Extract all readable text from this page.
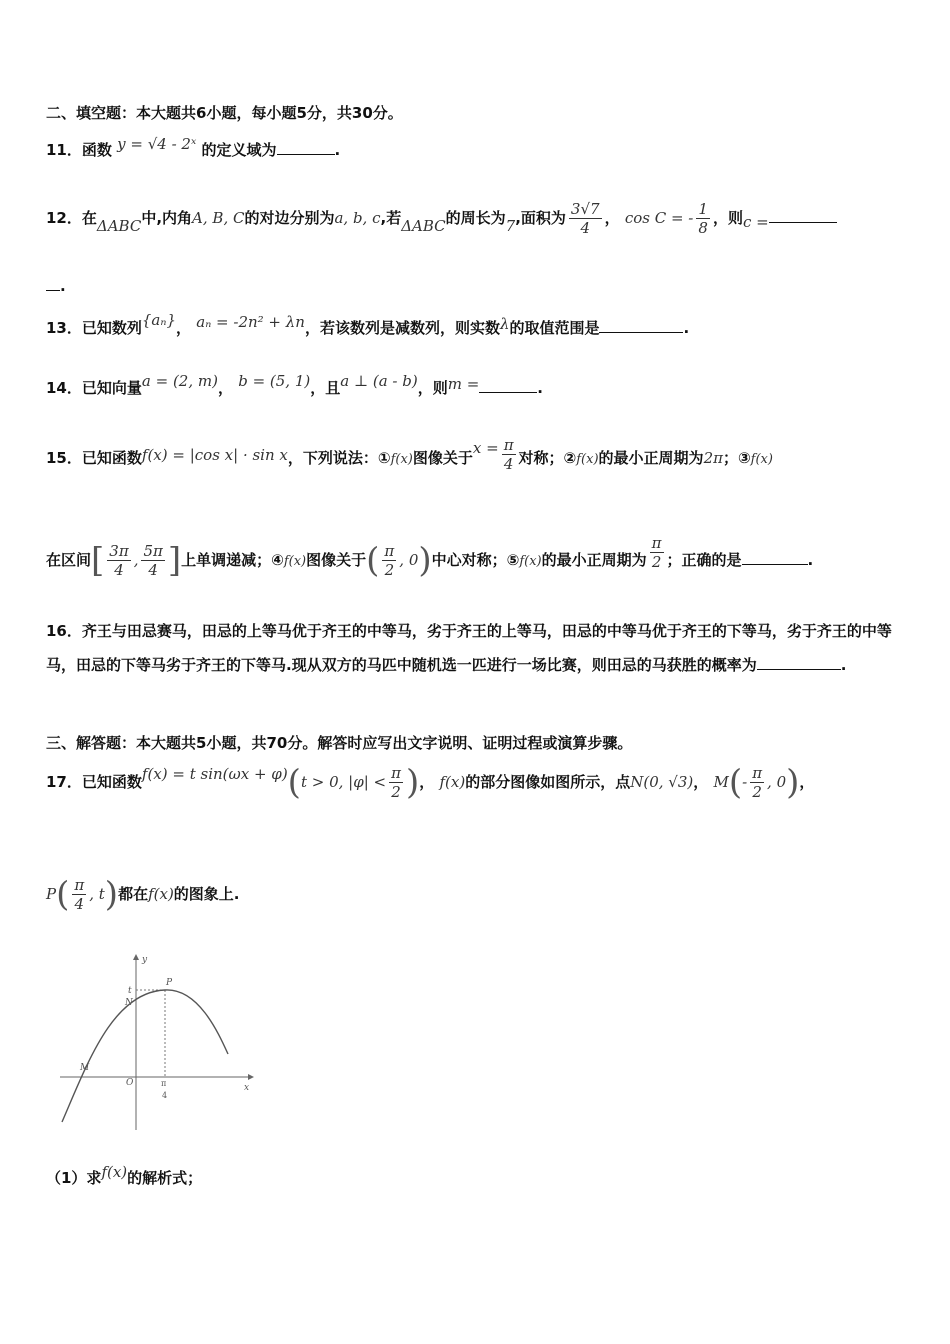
二、填空题：本大题共6小题，每小题5分，共30分。
11．函数 y = √4 - 2ˣ 的定义域为	.
12．在ΔABC中,内角A, B, C的对边分别为a, b, c,若ΔABC的周长为7,面积为 $\frac{3√7}{4}$ ， cos C = - $\frac{1}{8}$ ，则c =
.
13．已知数列{aₙ}， aₙ = -2n² + λn，若该数列是减数列，则实数λ的取值范围是	.
14．已知向量a = (2, m)， b = (5, 1)，且a ⊥ (a - b)，则m =	.
15．已知函数f(x) = |cos x| · sin x，下列说法：①f(x)图像关于$x = \frac{\pi}{4}$ 对称；②f(x)的最小正周期为2π；③f(x)
在区间[ $\frac{3\pi}{4}$ , $\frac{5\pi}{4}$ ]上单调递减；④f(x)图像关于( $\frac{\pi}{2}$ , 0)中心对称；⑤f(x)的最小正周期为 $\frac{\pi}{2}$ ；正确的是	.
16．齐王与田忌赛马，田忌的上等马优于齐王的中等马，劣于齐王的上等马，田忌的中等马优于齐王的下等马，劣于齐王的中等马，田忌的下等马劣于齐王的下等马.现从双方的马匹中随机选一匹进行一场比赛，则田忌的马获胜的概率为	.
三、解答题：本大题共5小题，共70分。解答时应写出文字说明、证明过程或演算步骤。
17．已知函数f(x) = t sin(ωx + φ)(t > 0, $|\varphi| < \frac{\pi}{2}$ )， f(x)的部分图像如图所示，点N(0, √3)， $M(- \frac{\pi}{2}$ , 0)，
$P( \frac{\pi}{4}$ , t)都在f(x)的图象上.
y
x
t
P
N
M
O	π
4
（1）求f(x)的解析式；
